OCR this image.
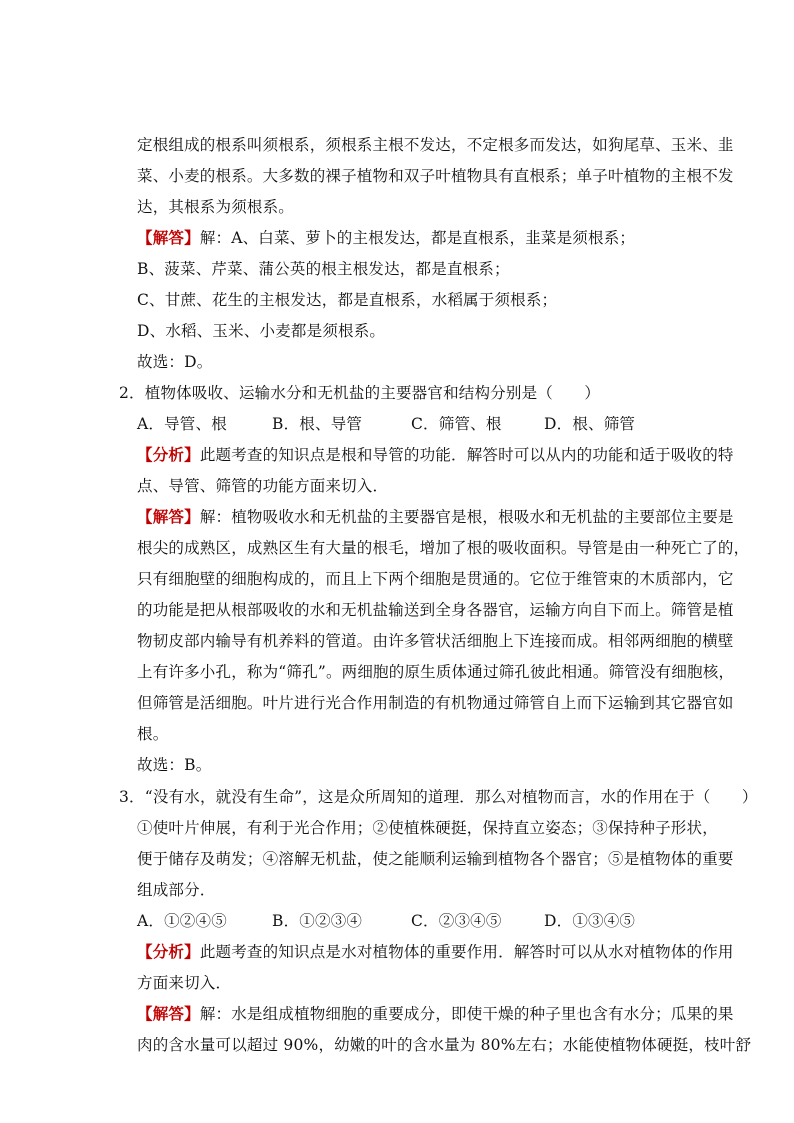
定根组成的根系叫须根系，须根系主根不发达，不定根多而发达，如狗尾草、玉米、韭
菜、小麦的根系。大多数的裸子植物和双子叶植物具有直根系；单子叶植物的主根不发
达，其根系为须根系。
【解答】解：A、白菜、萝卜的主根发达，都是直根系，韭菜是须根系；
B、菠菜、芹菜、蒲公英的根主根发达，都是直根系；
C、甘蔗、花生的主根发达，都是直根系，水稻属于须根系；
D、水稻、玉米、小麦都是须根系。
故选：D。
2．植物体吸收、运输水分和无机盐的主要器官和结构分别是（　　）
A．导管、根	B．根、导管	C．筛管、根	D．根、筛管
【分析】此题考查的知识点是根和导管的功能．解答时可以从内的功能和适于吸收的特
点、导管、筛管的功能方面来切入．
【解答】解：植物吸收水和无机盐的主要器官是根，根吸水和无机盐的主要部位主要是
根尖的成熟区，成熟区生有大量的根毛，增加了根的吸收面积。导管是由一种死亡了的，
只有细胞壁的细胞构成的，而且上下两个细胞是贯通的。它位于维管束的木质部内，它
的功能是把从根部吸收的水和无机盐输送到全身各器官，运输方向自下而上。筛管是植
物韧皮部内输导有机养料的管道。由许多管状活细胞上下连接而成。相邻两细胞的横壁
上有许多小孔，称为“筛孔”。两细胞的原生质体通过筛孔彼此相通。筛管没有细胞核，
但筛管是活细胞。叶片进行光合作用制造的有机物通过筛管自上而下运输到其它器官如
根。
故选：B。
3．“没有水，就没有生命”，这是众所周知的道理．那么对植物而言，水的作用在于（　　）
①使叶片伸展，有利于光合作用；②使植株硬挺，保持直立姿态；③保持种子形状，
便于储存及萌发；④溶解无机盐，使之能顺利运输到植物各个器官；⑤是植物体的重要
组成部分．
A．①②④⑤	B．①②③④	C．②③④⑤	D．①③④⑤
【分析】此题考查的知识点是水对植物体的重要作用．解答时可以从水对植物体的作用
方面来切入．
【解答】解：水是组成植物细胞的重要成分，即使干燥的种子里也含有水分；瓜果的果
肉的含水量可以超过 90%，幼嫩的叶的含水量为 80%左右；水能使植物体硬挺，枝叶舒
